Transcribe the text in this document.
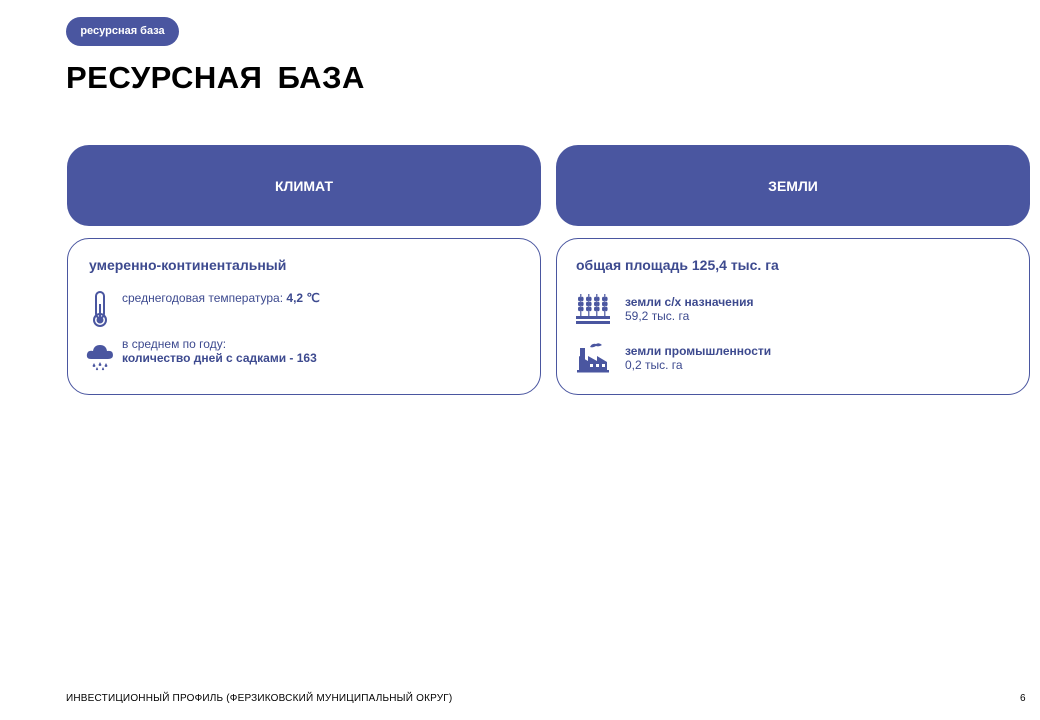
ресурсная база
РЕСУРСНАЯ БАЗА
КЛИМАТ
умеренно-континентальный
среднегодовая температура: 4,2 ℃
в среднем по году:
количество дней с садками - 163
ЗЕМЛИ
общая площадь 125,4 тыс. га
земли с/х назначения
59,2 тыс. га
земли промышленности
0,2 тыс. га
ИНВЕСТИЦИОННЫЙ ПРОФИЛЬ (ФЕРЗИКОВСКИЙ МУНИЦИПАЛЬНЫЙ ОКРУГ)	6
